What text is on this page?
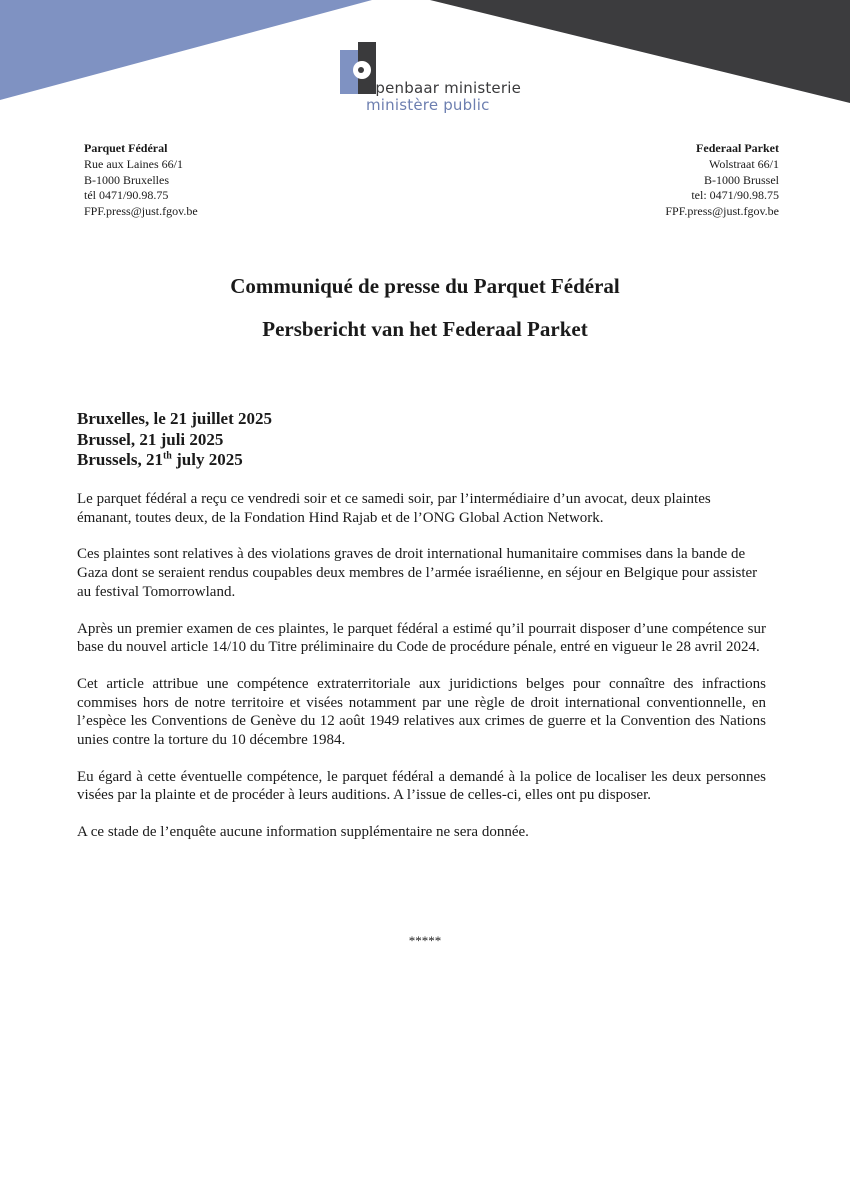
openbaar ministerie
ministère public
Parquet Fédéral
Rue aux Laines 66/1
B-1000 Bruxelles
tél 0471/90.98.75
FPF.press@just.fgov.be
Federaal Parket
Wolstraat 66/1
B-1000 Brussel
tel: 0471/90.98.75
FPF.press@just.fgov.be
Communiqué de presse du Parquet Fédéral
Persbericht van het Federaal Parket
Bruxelles, le 21 juillet 2025
Brussel, 21 juli 2025
Brussels, 21th july 2025

Le parquet fédéral a reçu ce vendredi soir et ce samedi soir, par l’intermédiaire d’un avocat, deux plaintes émanant, toutes deux, de la Fondation Hind Rajab et de l’ONG Global Action Network.

Ces plaintes sont relatives à des violations graves de droit international humanitaire commises dans la bande de Gaza dont se seraient rendus coupables deux membres de l’armée israélienne, en séjour en Belgique pour assister au festival Tomorrowland.

Après un premier examen de ces plaintes, le parquet fédéral a estimé qu’il pourrait disposer d’une compétence sur base du nouvel article 14/10 du Titre préliminaire du Code de procédure pénale, entré en vigueur le 28 avril 2024.

Cet article attribue une compétence extraterritoriale aux juridictions belges pour connaître des infractions commises hors de notre territoire et visées notamment par une règle de droit international conventionnelle, en l’espèce les Conventions de Genève du 12 août 1949 relatives aux crimes de guerre et la Convention des Nations unies contre la torture du 10 décembre 1984.

Eu égard à cette éventuelle compétence, le parquet fédéral a demandé à la police de localiser les deux personnes visées par la plainte et de procéder à leurs auditions. A l’issue de celles-ci, elles ont pu disposer.

A ce stade de l’enquête aucune information supplémentaire ne sera donnée.

*****
